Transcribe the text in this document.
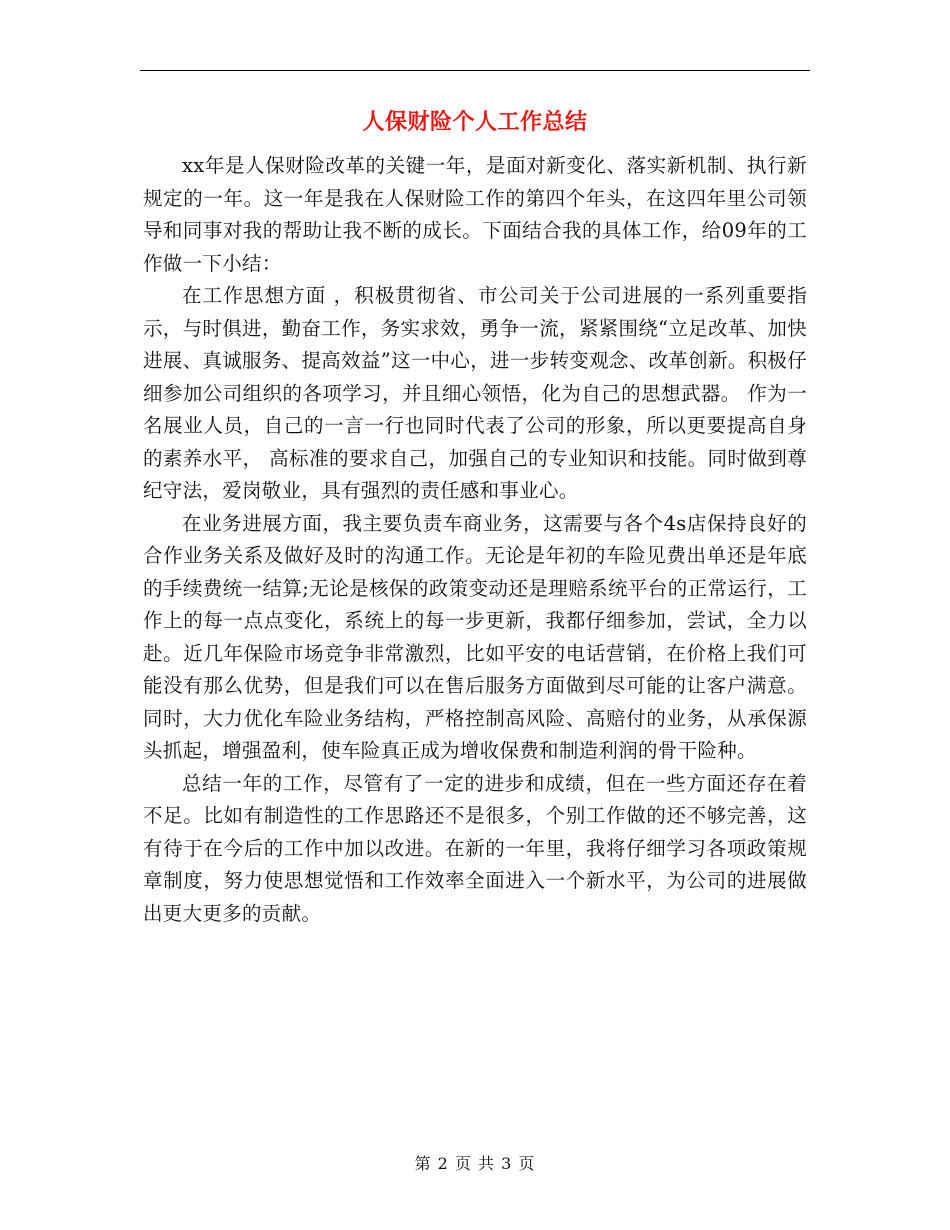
人保财险个人工作总结

xx年是人保财险改革的关键一年，是面对新变化、落实新机制、执行新规定的一年。这一年是我在人保财险工作的第四个年头，在这四年里公司领导和同事对我的帮助让我不断的成长。下面结合我的具体工作，给09年的工作做一下小结：

在工作思想方面 ，积极贯彻省、市公司关于公司进展的一系列重要指示，与时俱进，勤奋工作，务实求效，勇争一流，紧紧围绕“立足改革、加快进展、真诚服务、提高效益”这一中心，进一步转变观念、改革创新。积极仔细参加公司组织的各项学习，并且细心领悟，化为自己的思想武器。 作为一名展业人员，自己的一言一行也同时代表了公司的形象，所以更要提高自身的素养水平， 高标准的要求自己，加强自己的专业知识和技能。同时做到尊纪守法，爱岗敬业，具有强烈的责任感和事业心。

在业务进展方面，我主要负责车商业务，这需要与各个4s店保持良好的合作业务关系及做好及时的沟通工作。无论是年初的车险见费出单还是年底的手续费统一结算;无论是核保的政策变动还是理赔系统平台的正常运行，工作上的每一点点变化，系统上的每一步更新，我都仔细参加，尝试，全力以赴。近几年保险市场竞争非常激烈，比如平安的电话营销，在价格上我们可能没有那么优势，但是我们可以在售后服务方面做到尽可能的让客户满意。同时，大力优化车险业务结构，严格控制高风险、高赔付的业务，从承保源头抓起，增强盈利，使车险真正成为增收保费和制造利润的骨干险种。

总结一年的工作，尽管有了一定的进步和成绩，但在一些方面还存在着不足。比如有制造性的工作思路还不是很多，个别工作做的还不够完善，这有待于在今后的工作中加以改进。在新的一年里，我将仔细学习各项政策规章制度，努力使思想觉悟和工作效率全面进入一个新水平，为公司的进展做出更大更多的贡献。

第 2 页 共 3 页
